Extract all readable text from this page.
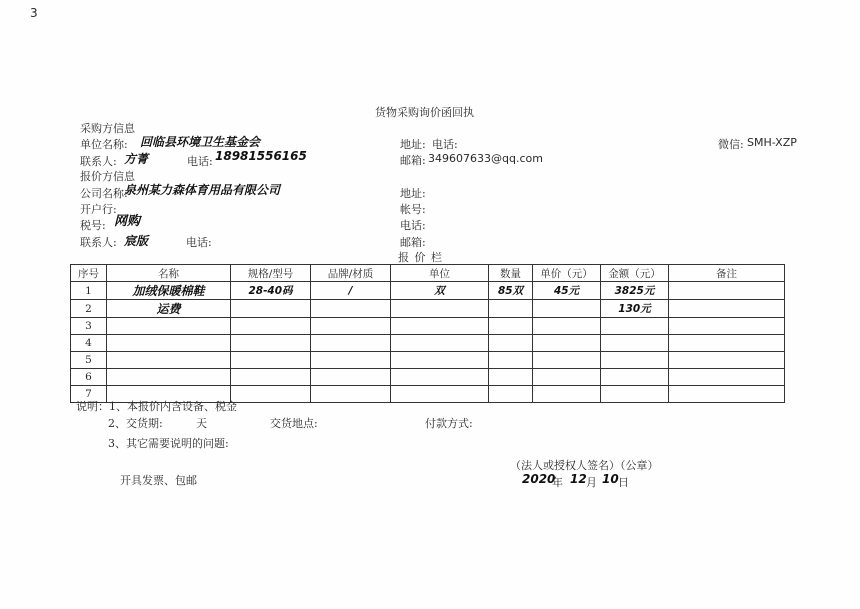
3
货物采购询价函回执
采购方信息
单位名称: 回临县环境卫生基金会
联系人: 方菁	电话: 18981556165
地址: 电话:
邮箱: 349607633@qq.com
微信: SMH-XZP
报价方信息
公司名称:
泉州某力森体育用品有限公司
开户行:
税号: 网购
联系人: 宸版	电话:
地址:
帐号:
电话:
邮箱:
报 价 栏
序号	名称	规格/型号	品牌/材质	单位	数量	单价（元）	金额（元）	备注
1	加绒保暖棉鞋	28-40码	/	双	85双	45元	3825元	
2	运费						130元	
3								
4								
5								
6								
7								
说明：1、本报价内含设备、税金
2、交货期:	天	交货地点:	付款方式:
3、其它需要说明的问题:
开具发票、包邮
（法人或授权人签名）（公章）
2020
年 12 月 10 日
